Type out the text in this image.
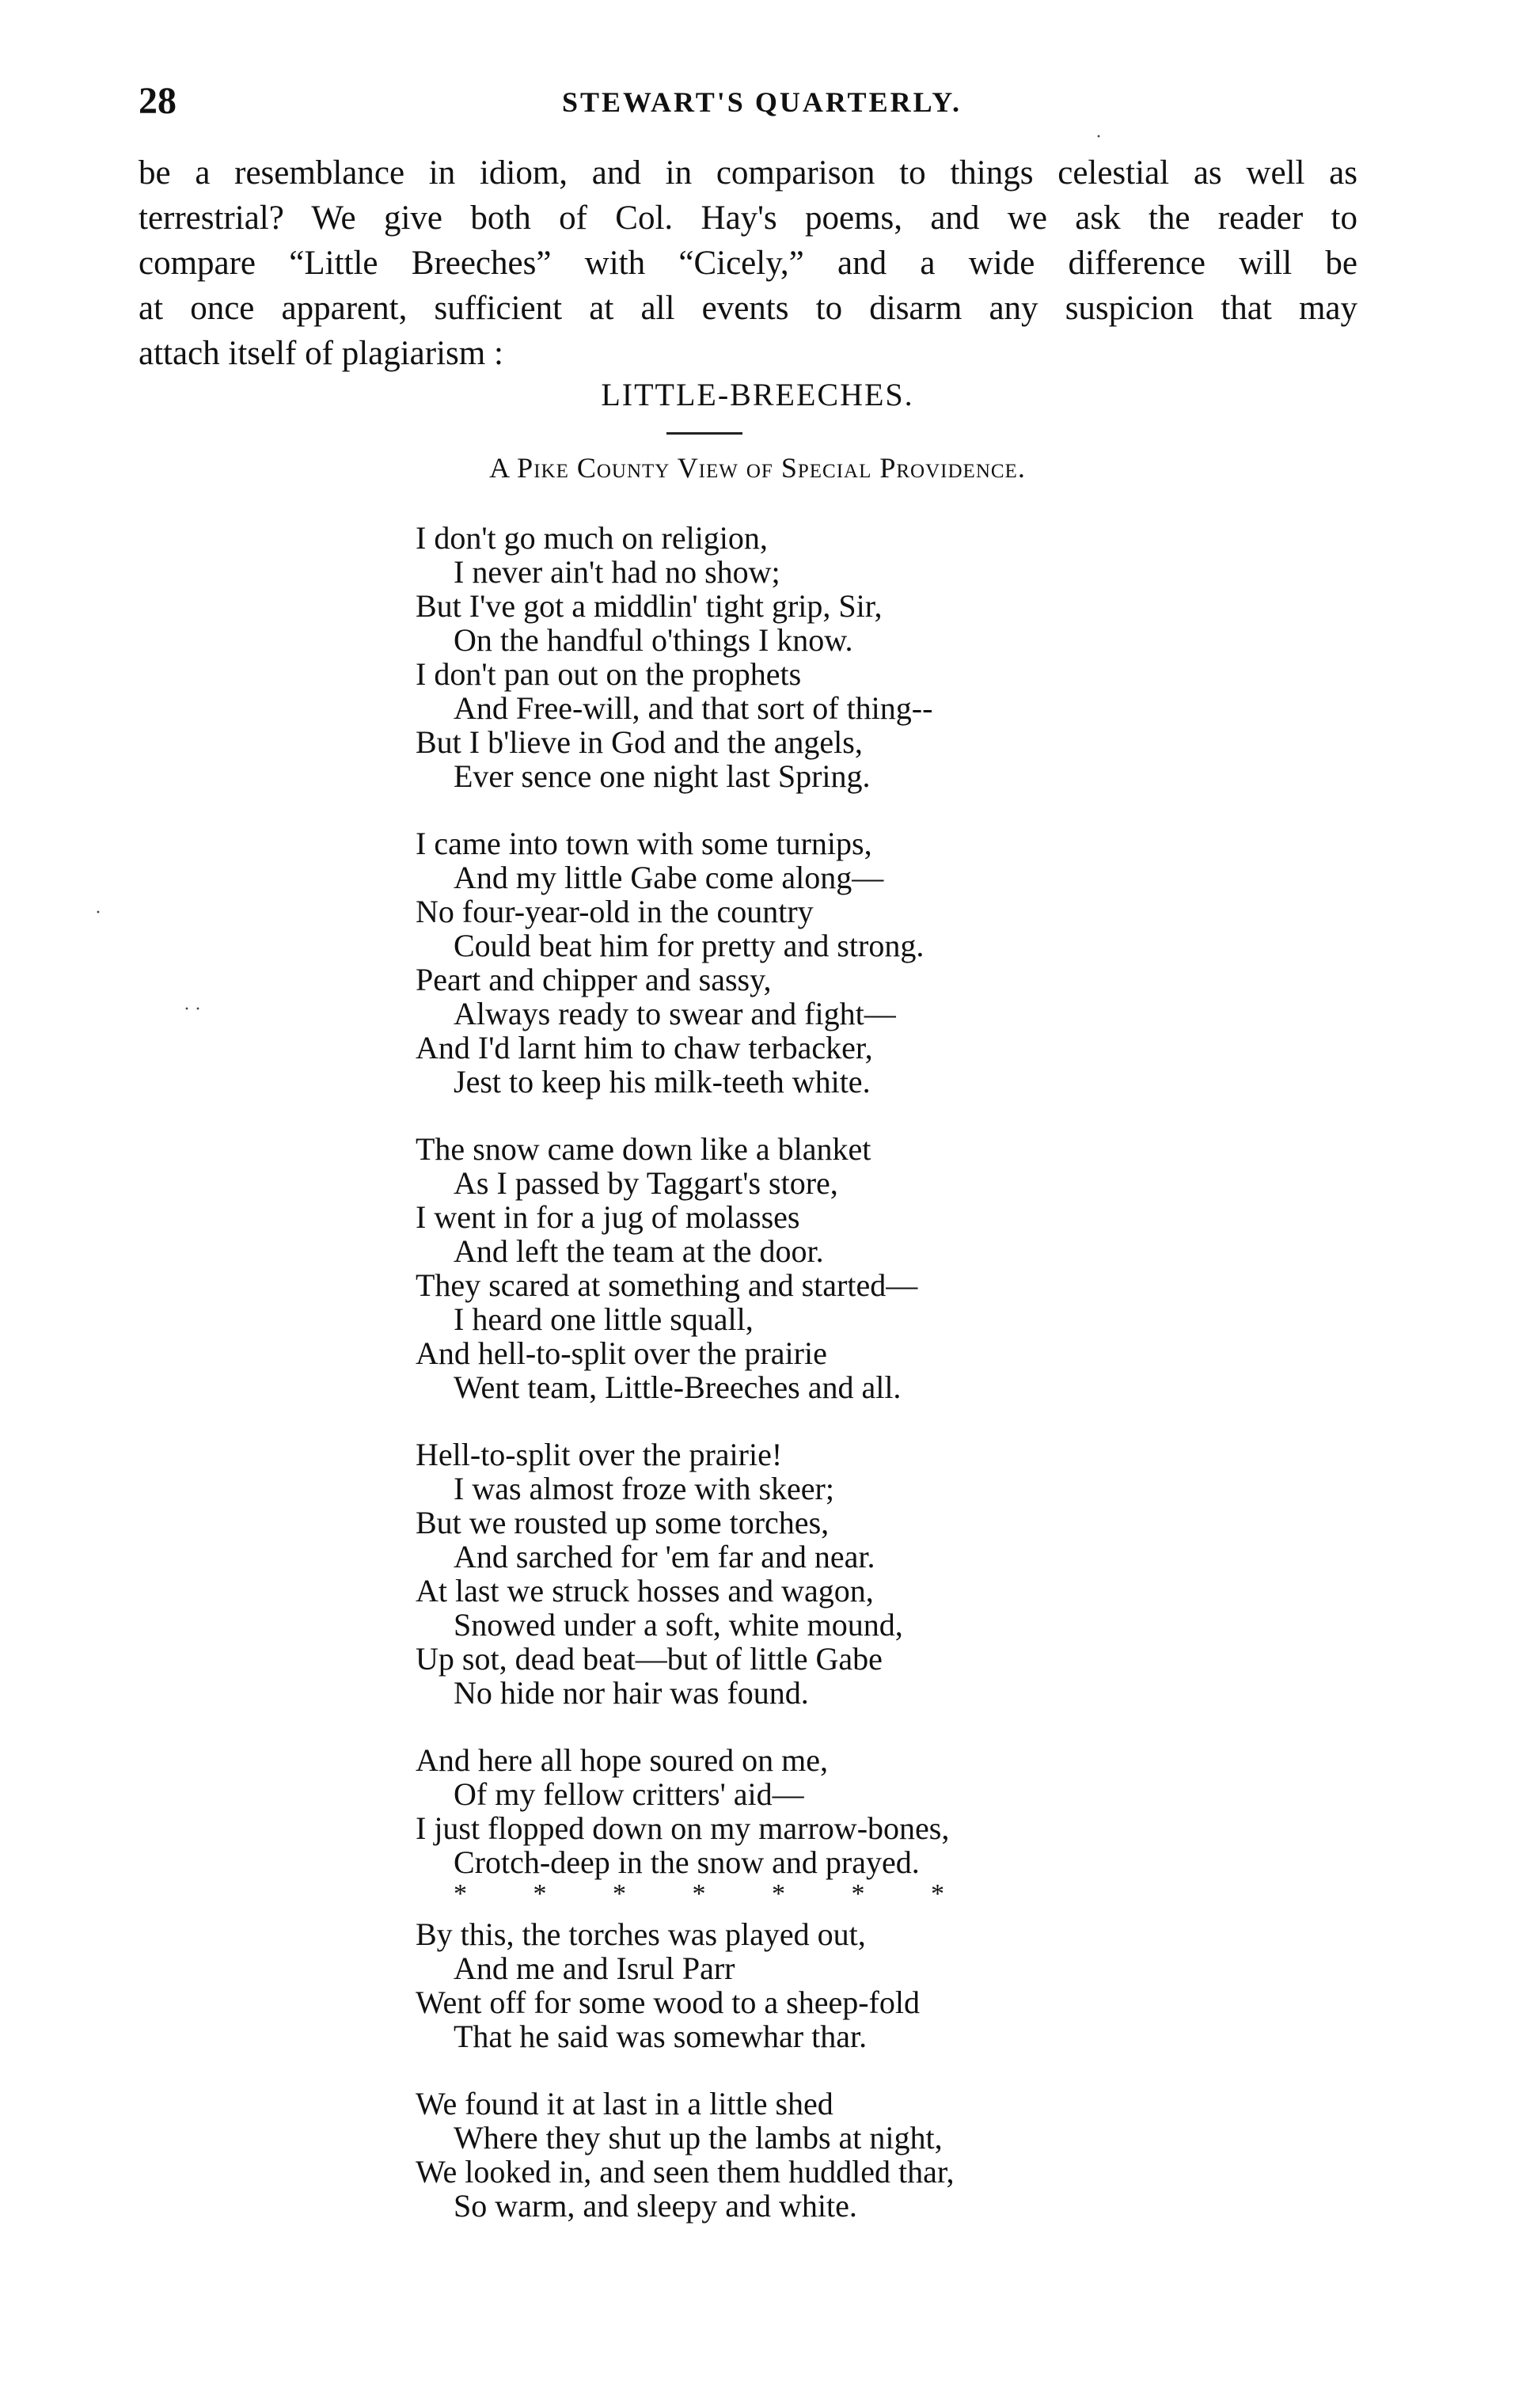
28	STEWART'S QUARTERLY.
be a resemblance in idiom, and in comparison to things celestial as well as
terrestrial? We give both of Col. Hay's poems, and we ask the reader to
compare “Little Breeches” with “Cicely,” and a wide difference will be
at once apparent, sufficient at all events to disarm any suspicion that may
attach itself of plagiarism :
LITTLE-BREECHES.
A Pike County View of Special Providence.
I don't go much on religion,
I never ain't had no show;
But I've got a middlin' tight grip, Sir,
On the handful o'things I know.
I don't pan out on the prophets
And Free-will, and that sort of thing--
But I b'lieve in God and the angels,
Ever sence one night last Spring.
I came into town with some turnips,
And my little Gabe come along—
No four-year-old in the country
Could beat him for pretty and strong.
Peart and chipper and sassy,
Always ready to swear and fight—
And I'd larnt him to chaw terbacker,
Jest to keep his milk-teeth white.
The snow came down like a blanket
As I passed by Taggart's store,
I went in for a jug of molasses
And left the team at the door.
They scared at something and started—
I heard one little squall,
And hell-to-split over the prairie
Went team, Little-Breeches and all.
Hell-to-split over the prairie!
I was almost froze with skeer;
But we rousted up some torches,
And sarched for 'em far and near.
At last we struck hosses and wagon,
Snowed under a soft, white mound,
Up sot, dead beat—but of little Gabe
No hide nor hair was found.
And here all hope soured on me,
Of my fellow critters' aid—
I just flopped down on my marrow-bones,
Crotch-deep in the snow and prayed.
* * * * * * *
By this, the torches was played out,
And me and Isrul Parr
Went off for some wood to a sheep-fold
That he said was somewhar thar.
We found it at last in a little shed
Where they shut up the lambs at night,
We looked in, and seen them huddled thar,
So warm, and sleepy and white.
·
·
· ·
